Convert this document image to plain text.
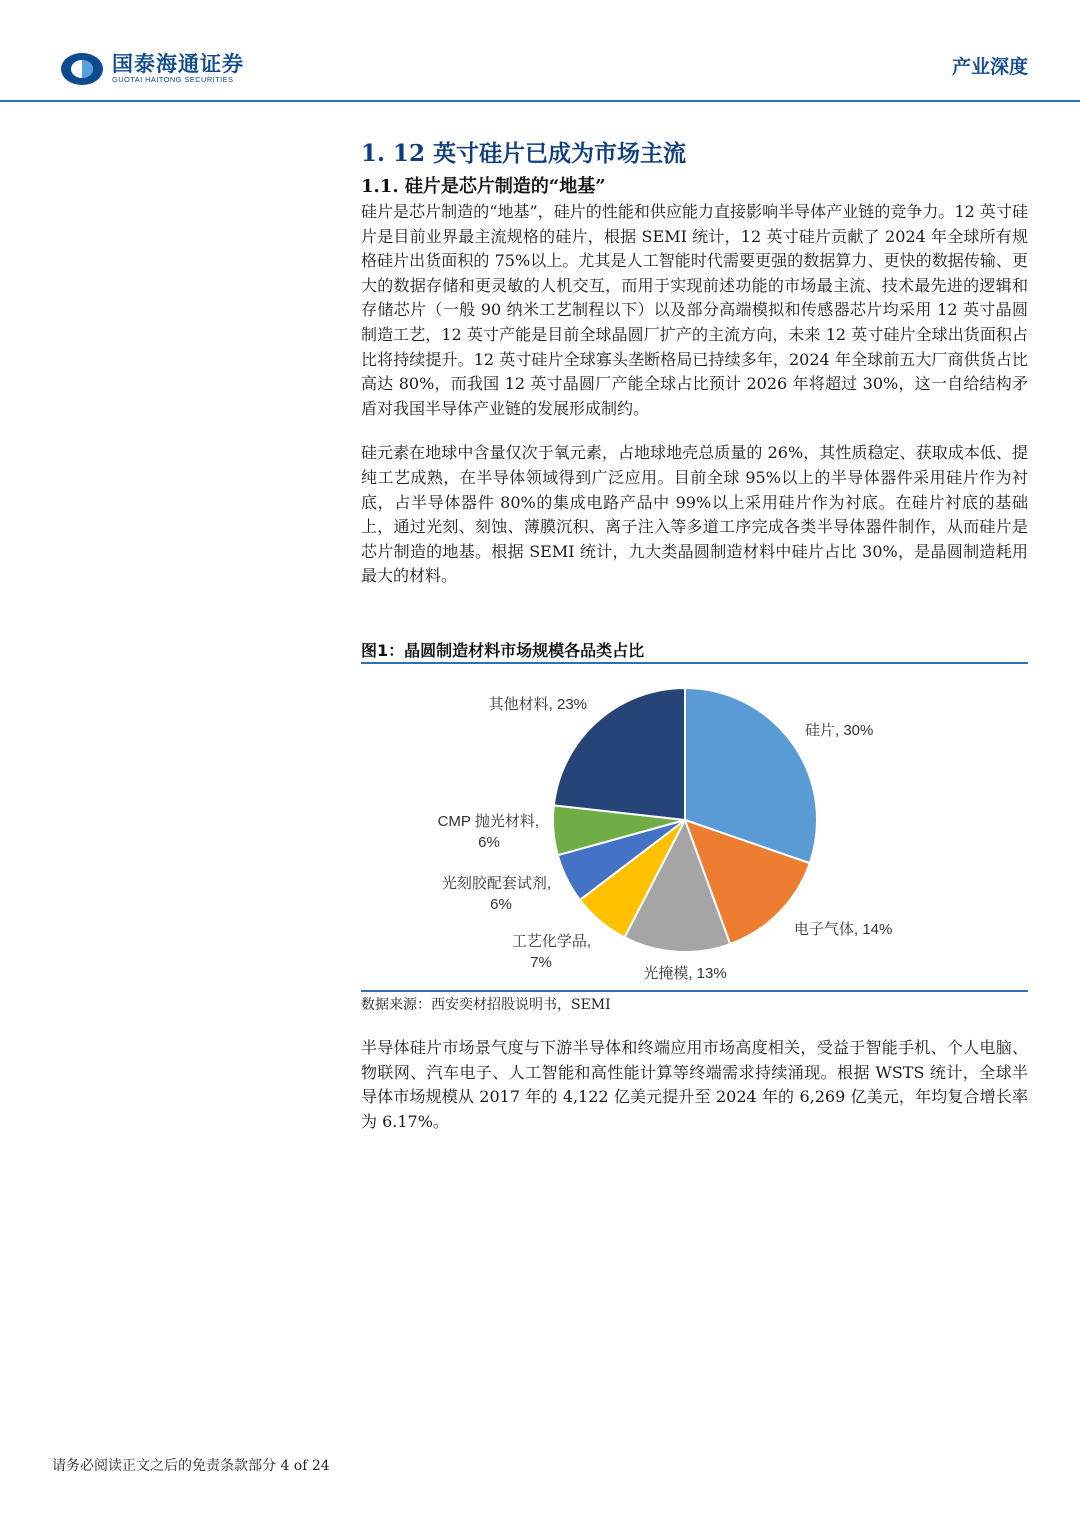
国泰海通证券
GUOTAI HAITONG SECURITIES
产业深度
1. 12 英寸硅片已成为市场主流
1.1. 硅片是芯片制造的“地基”

硅片是芯片制造的“地基”，硅片的性能和供应能力直接影响半导体产业链的竞争力。12 英寸硅片是目前业界最主流规格的硅片，根据 SEMI 统计，12 英寸硅片贡献了 2024 年全球所有规格硅片出货面积的 75%以上。尤其是人工智能时代需要更强的数据算力、更快的数据传输、更大的数据存储和更灵敏的人机交互，而用于实现前述功能的市场最主流、技术最先进的逻辑和存储芯片（一般 90 纳米工艺制程以下）以及部分高端模拟和传感器芯片均采用 12 英寸晶圆制造工艺，12 英寸产能是目前全球晶圆厂扩产的主流方向，未来 12 英寸硅片全球出货面积占比将持续提升。12 英寸硅片全球寡头垄断格局已持续多年，2024 年全球前五大厂商供货占比高达 80%，而我国 12 英寸晶圆厂产能全球占比预计 2026 年将超过 30%，这一自给结构矛盾对我国半导体产业链的发展形成制约。

硅元素在地球中含量仅次于氧元素，占地球地壳总质量的 26%，其性质稳定、获取成本低、提纯工艺成熟，在半导体领域得到广泛应用。目前全球 95%以上的半导体器件采用硅片作为衬底，占半导体器件 80%的集成电路产品中 99%以上采用硅片作为衬底。在硅片衬底的基础上，通过光刻、刻蚀、薄膜沉积、离子注入等多道工序完成各类半导体器件制作，从而硅片是芯片制造的地基。根据 SEMI 统计，九大类晶圆制造材料中硅片占比 30%，是晶圆制造耗用最大的材料。

图1：晶圆制造材料市场规模各品类占比
硅片, 30%
电子气体, 14%
光掩模, 13%
工艺化学品, 7%
光刻胶配套试剂, 6%
CMP 抛光材料, 6%
其他材料, 23%
数据来源：西安奕材招股说明书，SEMI

半导体硅片市场景气度与下游半导体和终端应用市场高度相关，受益于智能手机、个人电脑、物联网、汽车电子、人工智能和高性能计算等终端需求持续涌现。根据 WSTS 统计，全球半导体市场规模从 2017 年的 4,122 亿美元提升至 2024 年的 6,269 亿美元，年均复合增长率为 6.17%。

请务必阅读正文之后的免责条款部分 4 of 24
